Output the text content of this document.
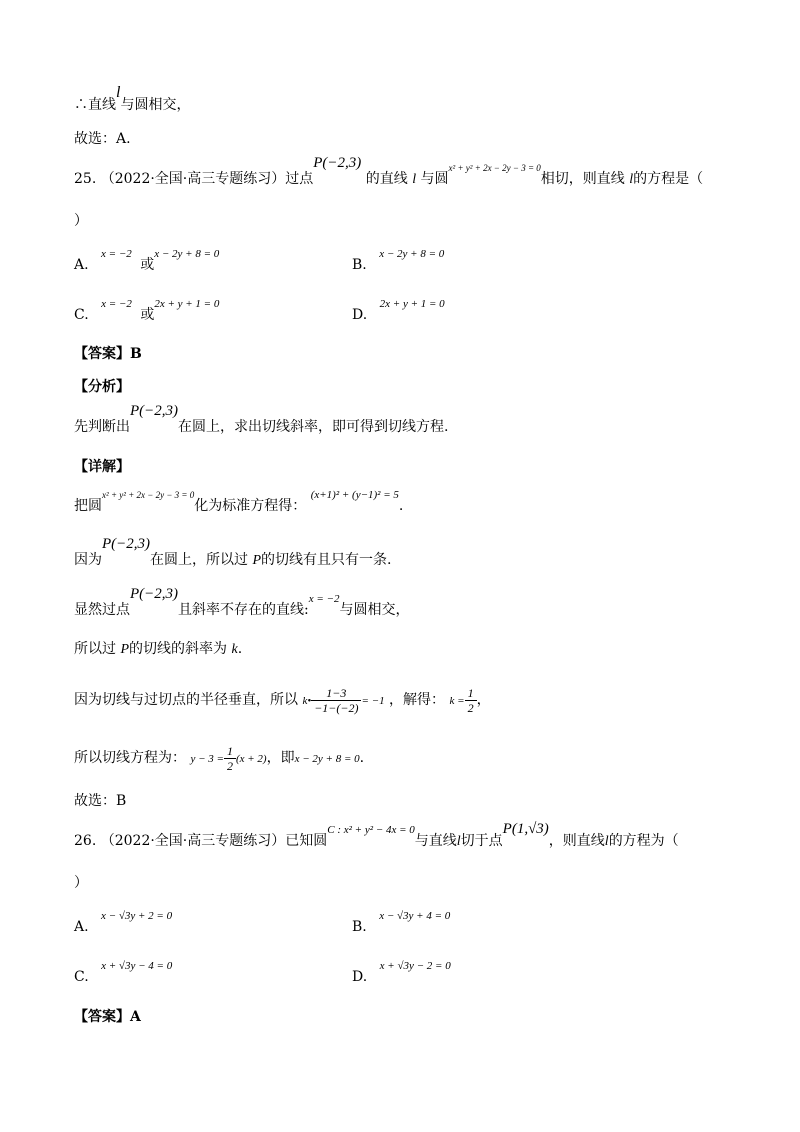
∴直线l与圆相交，
故选：A.
25. （2022·全国·高三专题练习）过点P(−2,3) 的直线 l 与圆$^{x^2 + y^2 + 2x - 2y - 3 = 0}$相切，则直线 l的方程是（
）
A. $^{x = -2}$ 或$^{x - 2y + 8 = 0}$
B. $^{x - 2y + 8 = 0}$
C. $^{x = -2}$ 或$^{2x + y + 1 = 0}$
D. $^{2x + y + 1 = 0}$
【答案】B
【分析】
先判断出P(−2,3)在圆上，求出切线斜率，即可得到切线方程.
【详解】
把圆$^{x^2 + y^2 + 2x - 2y - 3 = 0}$化为标准方程得： $^{(x+1)^2 + (y-1)^2 = 5}$.
因为P(−2,3)在圆上，所以过 P的切线有且只有一条.
显然过点P(−2,3)且斜率不存在的直线:$^{x = -2}$与圆相交，
所以过 P的切线的斜率为 k.
因为切线与过切点的半径垂直，所以 k• $\frac{1-3}{-1-(-2)} = -1$ ，解得： $k = \frac{1}{2}$ ，
所以切线方程为： $y - 3 = \frac{1}{2} (x + 2)$，即x − 2y + 8 = 0.
故选：B
26. （2022·全国·高三专题练习）已知圆$^{C : x^2 + y^2 - 4x = 0}$与直线l切于点P(1,√3)，则直线l的方程为（
）
A. $^{x - √3y + 2 = 0}$
B. $^{x - √3y + 4 = 0}$
C. $^{x + √3y - 4 = 0}$
D. $^{x + √3y - 2 = 0}$
【答案】A
